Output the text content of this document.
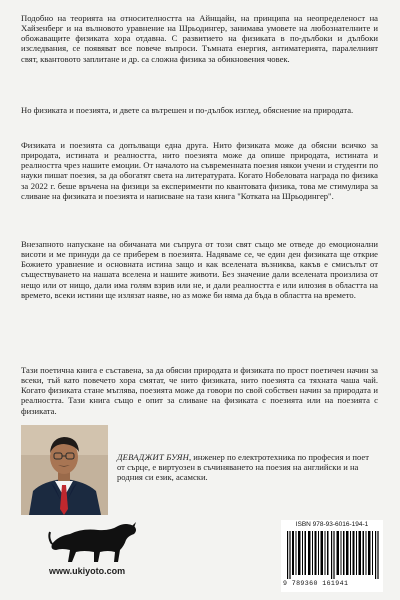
Подобно на теорията на относителността на Айнщайн, на принципа на неопределеност на Хайзенберг и на вълновото уравнение на Шрьодингер, занимава умовете на любознателните и обожаващите физиката хора отдавна. С развитието на физиката в по-дълбоки и дълбоки изследвания, се появяват все повече въпроси. Тъмната енергия, антиматерията, паралелният свят, квантовото заплитане и др. са сложна физика за обикновения човек.

Но физиката и поезията, и двете са вътрешен и по-дълбок изглед, обяснение на природата.

Физиката и поезията са допълващи една друга. Нито физиката може да обясни всичко за природата, истината и реалността, нито поезията може да опише природата, истината и реалността чрез нашите емоции. От началото на съвременната поезия някои учени и студенти по науки пишат поезия, за да обогатят света на литературата. Когато Нобеловата награда по физика за 2022 г. беше връчена на физици за експерименти по квантовата физика, това ме стимулира за сливане на физиката и поезията и написване на тази книга "Котката на Шрьодингер".

Внезапното напускане на обичаната ми съпруга от този свят също ме отведе до емоционални висоти и ме принуди да се приберем в поезията. Надяваме се, че един ден физиката ще открие Божието уравнение и основната истина защо и как вселената възниква, какъв е смисълът от съществуването на нашата вселена и нашите животи. Без значение дали вселената произлиза от нещо или от нищо, дали има голям взрив или не, и дали реалността е или илюзия в областта на времето, всеки истини ще излязат наяве, но аз може би няма да бъда в областта на времето.

Тази поетична книга е съставена, за да обясни природата и физиката по прост поетичен начин за всеки, тъй като повечето хора смятат, че нито физиката, нито поезията са тяхната чаша чай. Когато физиката стане мъглява, поезията може да говори по свой собствен начин за природата и реалността. Тази книга също е опит за сливане на физиката с поезията или на поезията с физиката.

ДЕВАДЖИТ БУЯН, инженер по електротехника по професия и поет от сърце, е виртуозен в съчиняването на поезия на английски и на родния си език, асамски.

www.ukiyoto.com
ISBN 978-93-6016-194-1
9 789360 161941
